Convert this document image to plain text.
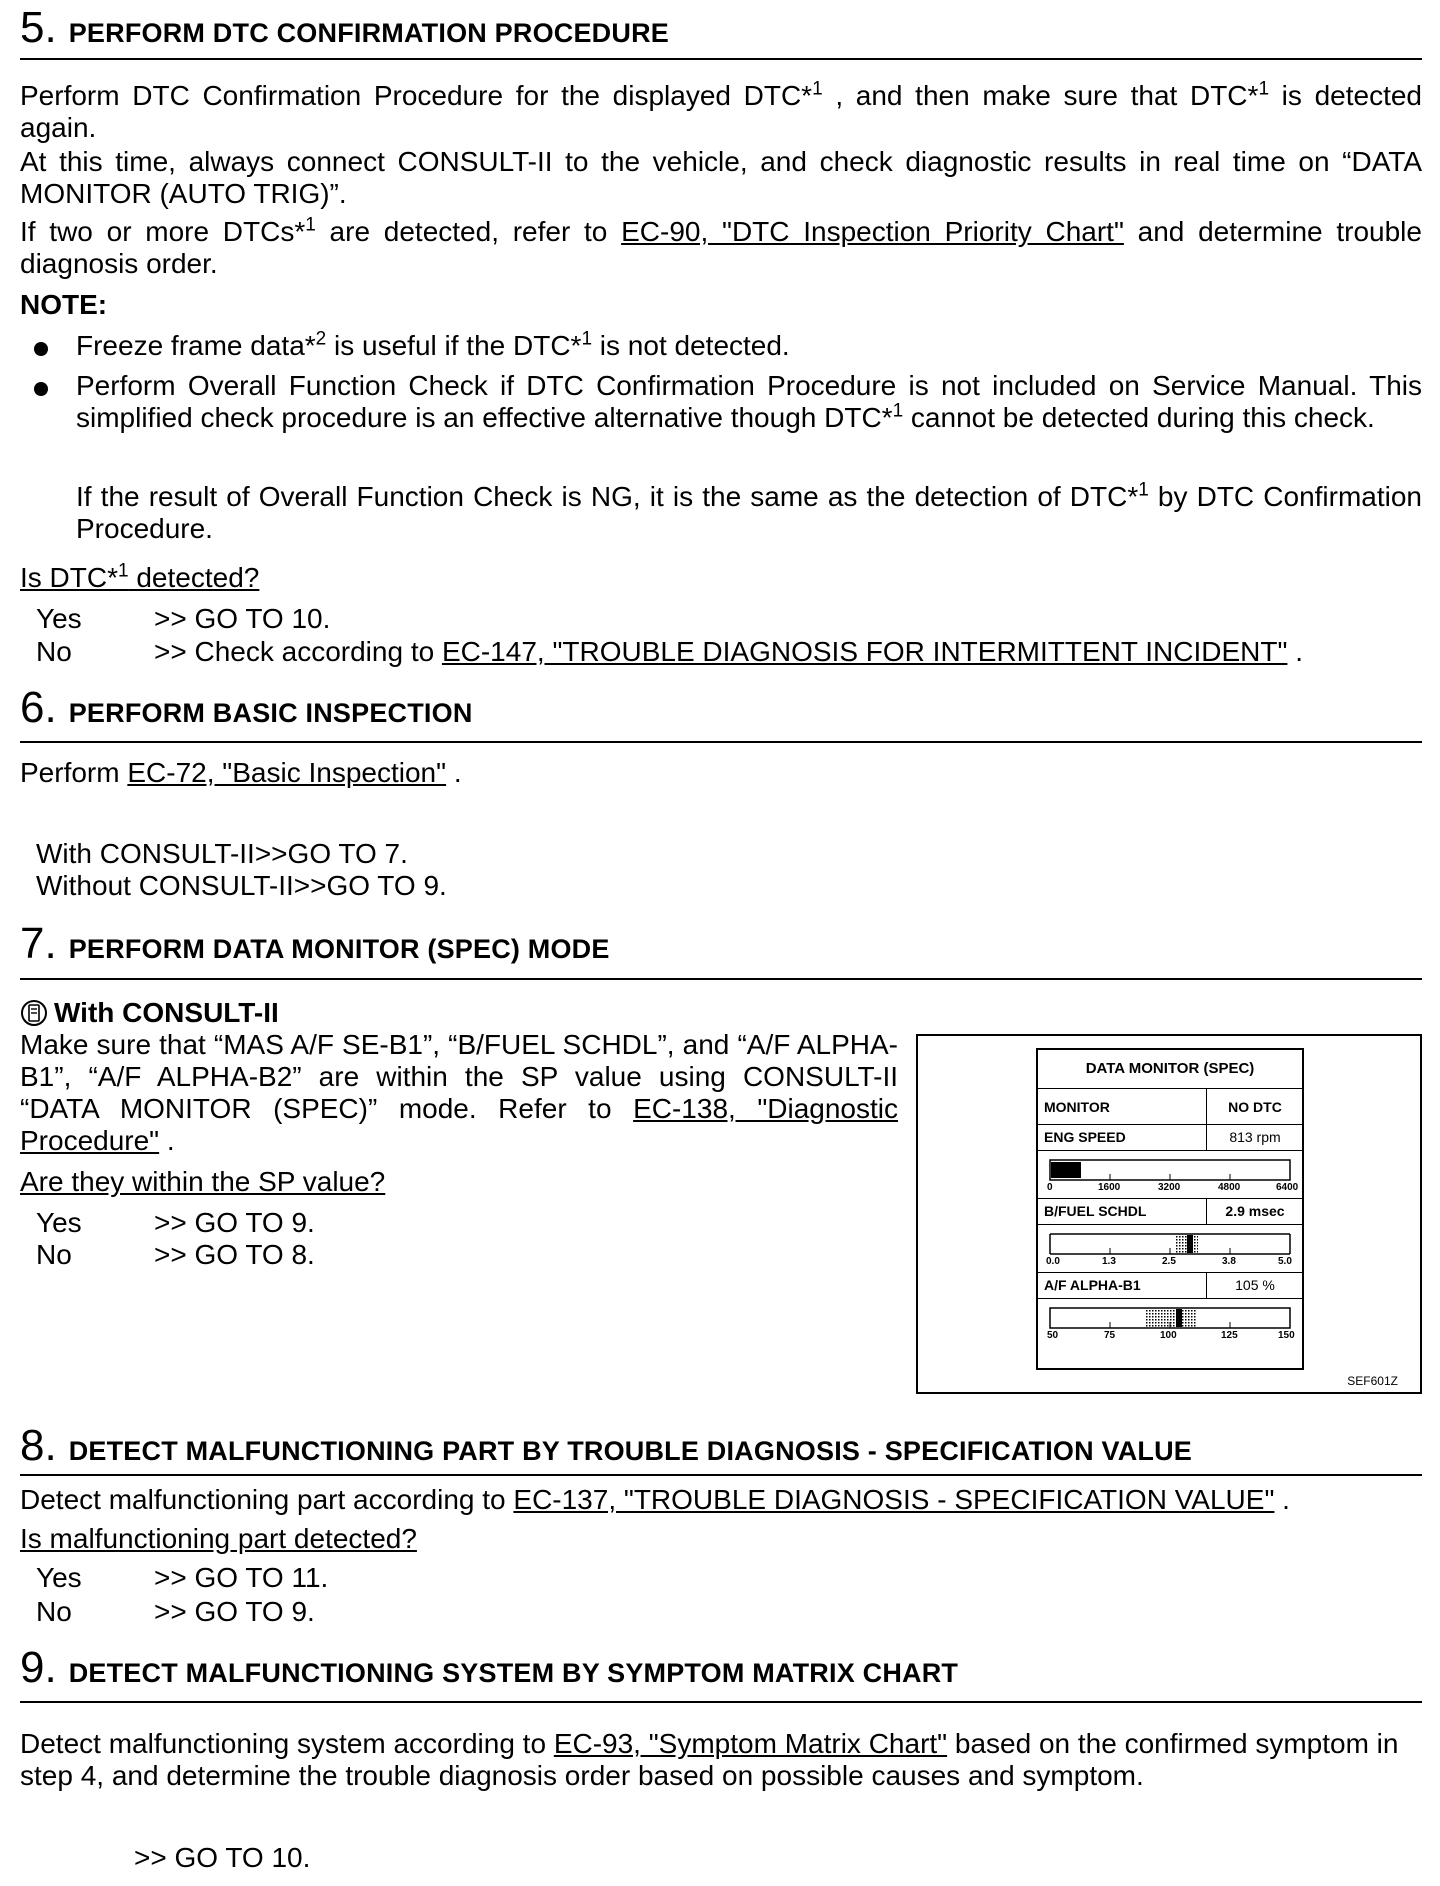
5. PERFORM DTC CONFIRMATION PROCEDURE
Perform DTC Confirmation Procedure for the displayed DTC*$^1$ , and then make sure that DTC*$^1$ is detected again.
At this time, always connect CONSULT-II to the vehicle, and check diagnostic results in real time on “DATA MONITOR (AUTO TRIG)”.
If two or more DTCs*$^1$ are detected, refer to EC-90, "DTC Inspection Priority Chart" and determine trouble diagnosis order.
NOTE:
Freeze frame data*$^2$ is useful if the DTC*$^1$ is not detected.
Perform Overall Function Check if DTC Confirmation Procedure is not included on Service Manual. This simplified check procedure is an effective alternative though DTC*$^1$ cannot be detected during this check.
If the result of Overall Function Check is NG, it is the same as the detection of DTC*$^1$ by DTC Confirmation Procedure.
Is DTC*$^1$ detected?
Yes	>> GO TO 10.
No	>> Check according to EC-147, "TROUBLE DIAGNOSIS FOR INTERMITTENT INCIDENT" .
6. PERFORM BASIC INSPECTION
Perform EC-72, "Basic Inspection" .
With CONSULT-II>>GO TO 7.
Without CONSULT-II>>GO TO 9.
7. PERFORM DATA MONITOR (SPEC) MODE
With CONSULT-II
Make sure that “MAS A/F SE-B1”, “B/FUEL SCHDL”, and “A/F ALPHA-B1”, “A/F ALPHA-B2” are within the SP value using CONSULT-II “DATA MONITOR (SPEC)” mode. Refer to EC-138, "Diagnostic Procedure" .
Are they within the SP value?
Yes	>> GO TO 9.
No	>> GO TO 8.
DATA MONITOR (SPEC)
MONITOR	NO DTC
ENG SPEED	813 rpm
0	1600	3200	4800	6400
B/FUEL SCHDL	2.9 msec
0.0	1.3	2.5	3.8	5.0
A/F ALPHA-B1	105 %
50	75	100	125	150
SEF601Z
8. DETECT MALFUNCTIONING PART BY TROUBLE DIAGNOSIS - SPECIFICATION VALUE
Detect malfunctioning part according to EC-137, "TROUBLE DIAGNOSIS - SPECIFICATION VALUE" .
Is malfunctioning part detected?
Yes	>> GO TO 11.
No	>> GO TO 9.
9. DETECT MALFUNCTIONING SYSTEM BY SYMPTOM MATRIX CHART
Detect malfunctioning system according to EC-93, "Symptom Matrix Chart" based on the confirmed symptom in step 4, and determine the trouble diagnosis order based on possible causes and symptom.
>> GO TO 10.
